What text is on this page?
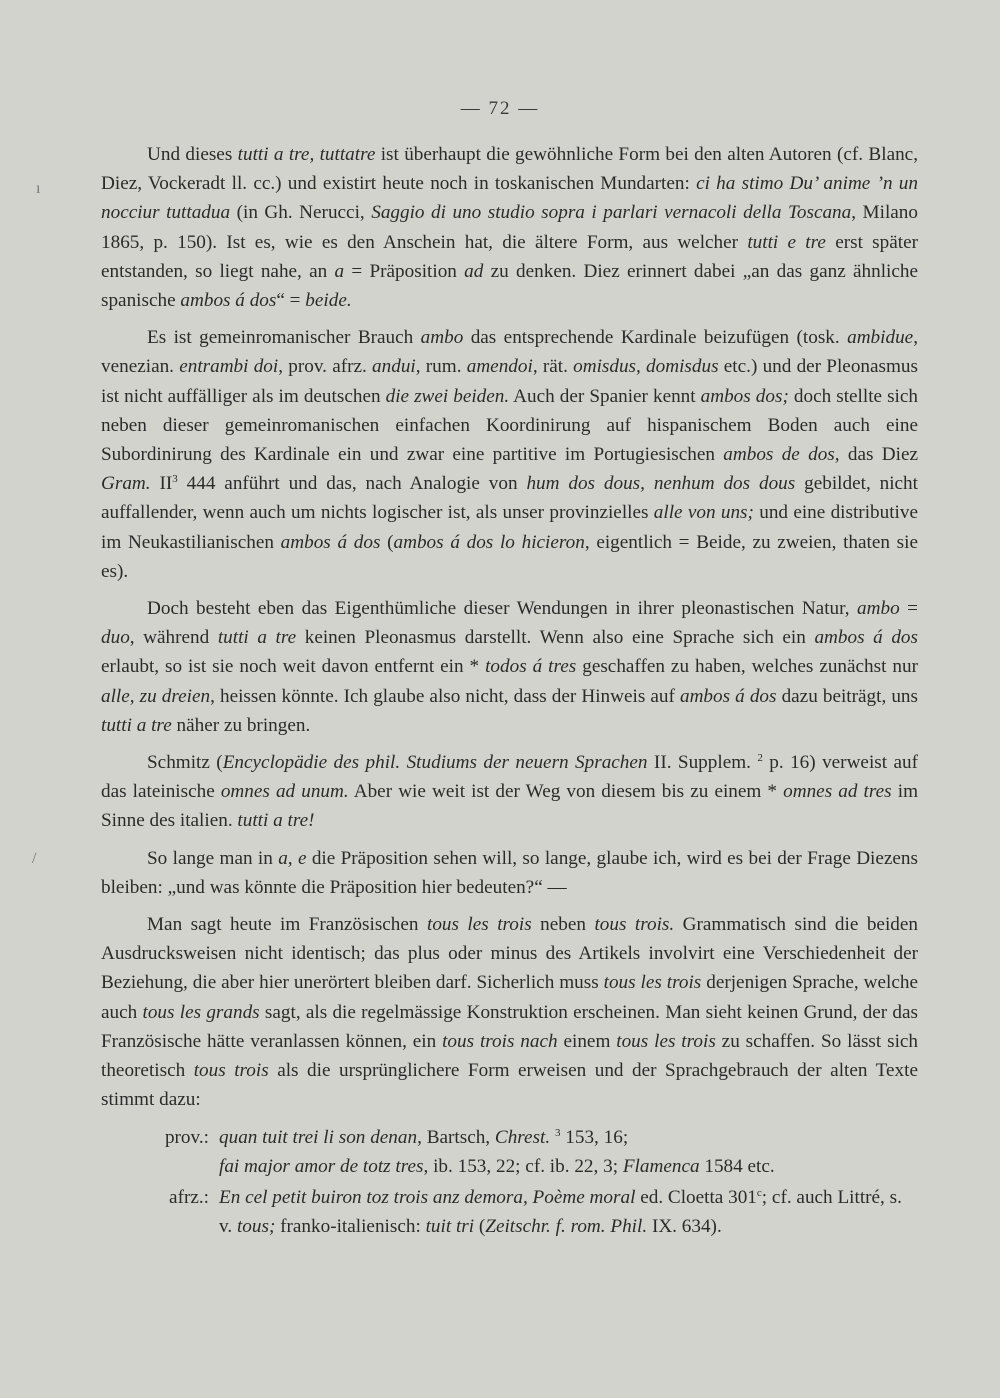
— 72 —

Und dieses tutti a tre, tuttatre ist überhaupt die gewöhnliche Form bei den alten Autoren (cf. Blanc, Diez, Vockeradt ll. cc.) und existirt heute noch in toskanischen Mundarten: ci ha stimo Du’ anime ’n un nocciur tuttadua (in Gh. Nerucci, Saggio di uno studio sopra i parlari vernacoli della Toscana, Milano 1865, p. 150). Ist es, wie es den Anschein hat, die ältere Form, aus welcher tutti e tre erst später entstanden, so liegt nahe, an a = Präposition ad zu denken. Diez erinnert dabei „an das ganz ähnliche spanische ambos á dos“ = beide.

Es ist gemeinromanischer Brauch ambo das entsprechende Kardinale beizufügen (tosk. ambidue, venezian. entrambi doi, prov. afrz. andui, rum. amendoi, rät. omisdus, domisdus etc.) und der Pleonasmus ist nicht auffälliger als im deutschen die zwei beiden. Auch der Spanier kennt ambos dos; doch stellte sich neben dieser gemeinromanischen einfachen Koordinirung auf hispanischem Boden auch eine Subordinirung des Kardinale ein und zwar eine partitive im Portugiesischen ambos de dos, das Diez Gram. $II^3$ 444 anführt und das, nach Analogie von hum dos dous, nenhum dos dous gebildet, nicht auffallender, wenn auch um nichts logischer ist, als unser provinzielles alle von uns; und eine distributive im Neukastilianischen ambos á dos (ambos á dos lo hicieron, eigentlich = Beide, zu zweien, thaten sie es).

Doch besteht eben das Eigenthümliche dieser Wendungen in ihrer pleonastischen Natur, ambo = duo, während tutti a tre keinen Pleonasmus darstellt. Wenn also eine Sprache sich ein ambos á dos erlaubt, so ist sie noch weit davon entfernt ein * todos á tres geschaffen zu haben, welches zunächst nur alle, zu dreien, heissen könnte. Ich glaube also nicht, dass der Hinweis auf ambos á dos dazu beiträgt, uns tutti a tre näher zu bringen.

Schmitz (Encyclopädie des phil. Studiums der neuern Sprachen II. Supplem. $^2$ p. 16) verweist auf das lateinische omnes ad unum. Aber wie weit ist der Weg von diesem bis zu einem * omnes ad tres im Sinne des italien. tutti a tre!

So lange man in a, e die Präposition sehen will, so lange, glaube ich, wird es bei der Frage Diezens bleiben: „und was könnte die Präposition hier bedeuten?“ —

Man sagt heute im Französischen tous les trois neben tous trois. Grammatisch sind die beiden Ausdrucksweisen nicht identisch; das plus oder minus des Artikels involvirt eine Verschiedenheit der Beziehung, die aber hier unerörtert bleiben darf. Sicherlich muss tous les trois derjenigen Sprache, welche auch tous les grands sagt, als die regelmässige Konstruktion erscheinen. Man sieht keinen Grund, der das Französische hätte veranlassen können, ein tous trois nach einem tous les trois zu schaffen. So lässt sich theoretisch tous trois als die ursprünglichere Form erweisen und der Sprachgebrauch der alten Texte stimmt dazu:

prov.: quan tuit trei li son denan, Bartsch, Chrest. $^3$ 153, 16;
fai major amor de totz tres, ib. 153, 22; cf. ib. 22, 3; Flamenca 1584 etc.
afrz.: En cel petit buiron toz trois anz demora, Poème moral ed. Cloetta 301$^c$; cf. auch Littré, s. v. tous; franko-italienisch: tuit tri (Zeitschr. f. rom. Phil. IX. 634).
ı
/
